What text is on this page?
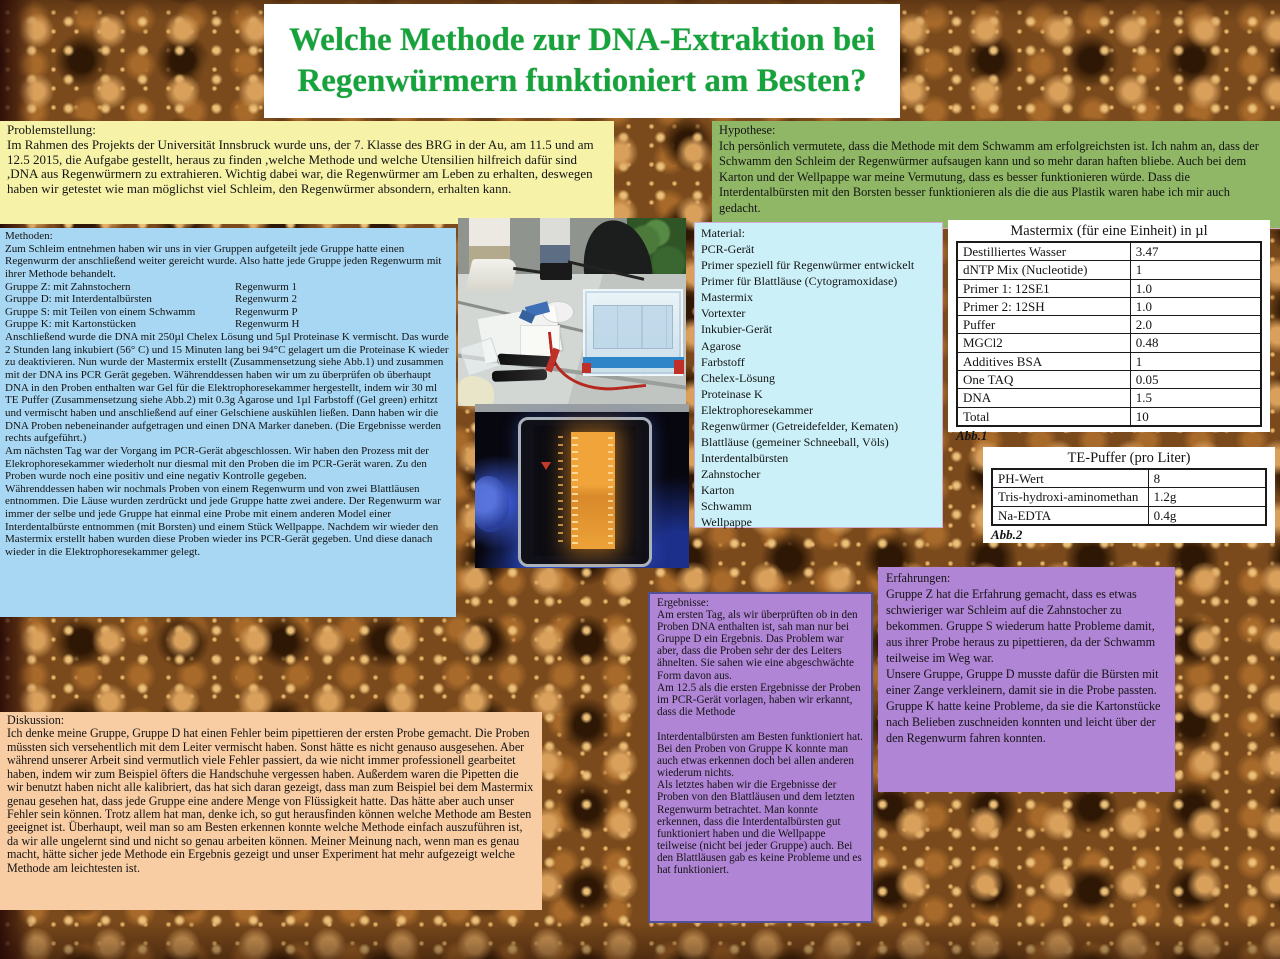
Welche Methode zur DNA-Extraktion bei
Regenwürmern funktioniert am Besten?
Problemstellung:
Im Rahmen des Projekts der Universität Innsbruck wurde uns, der 7. Klasse des BRG in der Au, am 11.5 und am 12.5 2015, die Aufgabe gestellt, heraus zu finden ,welche Methode und welche Utensilien hilfreich dafür sind ,DNA aus Regenwürmern zu extrahieren. Wichtig dabei war, die Regenwürmer am Leben zu erhalten, deswegen haben wir getestet wie man möglichst viel Schleim, den Regenwürmer absondern, erhalten kann.
Hypothese:
Ich persönlich vermutete, dass die Methode mit dem Schwamm am erfolgreichsten ist. Ich nahm an, dass der Schwamm den Schleim der Regenwürmer aufsaugen kann und so mehr daran haften bliebe. Auch bei dem Karton und der Wellpappe war meine Vermutung, dass es besser funktionieren würde. Dass die Interdentalbürsten mit den Borsten besser funktionieren als die die aus Plastik waren habe ich mir auch gedacht.
Methoden:
Zum Schleim entnehmen haben wir uns in vier Gruppen aufgeteilt jede Gruppe hatte einen Regenwurm der anschließend weiter gereicht wurde. Also hatte jede Gruppe jeden Regenwurm mit ihrer Methode behandelt.
Gruppe Z: mit Zahnstochern	Regenwurm 1
Gruppe D: mit Interdentalbürsten	Regenwurm 2
Gruppe S: mit Teilen von einem Schwamm	Regenwurm P
Gruppe K: mit Kartonstücken	Regenwurm H
Anschließend wurde die DNA mit 250µl Chelex Lösung und 5µl Proteinase K vermischt. Das wurde 2 Stunden lang inkubiert (56° C) und 15 Minuten lang bei 94°C gelagert um die Proteinase K wieder zu deaktivieren. Nun wurde der Mastermix erstellt (Zusammensetzung siehe Abb.1) und zusammen mit der DNA ins PCR Gerät gegeben. Währenddessen haben wir um zu überprüfen ob überhaupt DNA in den Proben enthalten war Gel für die Elektrophoresekammer hergestellt, indem wir 30 ml TE Puffer (Zusammensetzung siehe Abb.2) mit 0.3g Agarose und 1µl Farbstoff (Gel green) erhitzt und vermischt haben und anschließend auf einer Gelschiene auskühlen ließen. Dann haben wir die DNA Proben nebeneinander aufgetragen und einen DNA Marker daneben. (Die Ergebnisse werden rechts aufgeführt.)
Am nächsten Tag war der Vorgang im PCR-Gerät abgeschlossen. Wir haben den Prozess mit der Elekrophoresekammer wiederholt nur diesmal mit den Proben die im PCR-Gerät waren. Zu den Proben wurde noch eine positiv und eine negativ Kontrolle gegeben.
Währenddessen haben wir nochmals Proben von einem Regenwurm und von zwei Blattläusen entnommen. Die Läuse wurden zerdrückt und jede Gruppe hatte zwei andere. Der Regenwurm war immer der selbe und jede Gruppe hat einmal eine Probe mit einem anderen Model einer Interdentalbürste entnommen (mit Borsten) und einem Stück Wellpappe. Nachdem wir wieder den Mastermix erstellt haben wurden diese Proben wieder ins PCR-Gerät gegeben. Und diese danach wieder in die Elektrophoresekammer gelegt.
Material:
PCR-Gerät
Primer speziell für Regenwürmer entwickelt
Primer für Blattläuse (Cytogramoxidase)
Mastermix
Vortexter
Inkubier-Gerät
Agarose
Farbstoff
Chelex-Lösung
Proteinase K
Elektrophoresekammer
Regenwürmer (Getreidefelder, Kematen)
Blattläuse (gemeiner Schneeball, Völs)
Interdentalbürsten
Zahnstocher
Karton
Schwamm
Wellpappe
Mastermix (für eine Einheit) in µl
Destilliertes Wasser	3.47
dNTP Mix (Nucleotide)	1
Primer 1: 12SE1	1.0
Primer 2: 12SH	1.0
Puffer	2.0
MGCl2	0.48
Additives BSA	1
One TAQ	0.05
DNA	1.5
Total	10
Abb.1
TE-Puffer (pro Liter)
PH-Wert	8
Tris-hydroxi-aminomethan	1.2g
Na-EDTA	0.4g
Abb.2
Ergebnisse:
Am ersten Tag, als wir überprüften ob in den Proben DNA enthalten ist, sah man nur bei Gruppe D ein Ergebnis. Das Problem war aber, dass die Proben sehr der des Leiters ähnelten. Sie sahen wie eine abgeschwächte Form davon aus.
Am 12.5 als die ersten Ergebnisse der Proben im PCR-Gerät vorlagen, haben wir erkannt, dass die Methode
Interdentalbürsten am Besten funktioniert hat. Bei den Proben von Gruppe K konnte man auch etwas erkennen doch bei allen anderen wiederum nichts.
Als letztes haben wir die Ergebnisse der Proben von den Blattläusen und dem letzten Regenwurm betrachtet. Man konnte erkennen, dass die Interdentalbürsten gut funktioniert haben und die Wellpappe teilweise (nicht bei jeder Gruppe) auch. Bei den Blattläusen gab es keine Probleme und es hat funktioniert.
Erfahrungen:
Gruppe Z hat die Erfahrung gemacht, dass es etwas schwieriger war Schleim auf die Zahnstocher zu bekommen. Gruppe S wiederum hatte Probleme damit, aus ihrer Probe heraus zu pipettieren, da der Schwamm teilweise im Weg war.
Unsere Gruppe, Gruppe D musste dafür die Bürsten mit einer Zange verkleinern, damit sie in die Probe passten.
Gruppe K hatte keine Probleme, da sie die Kartonstücke nach Belieben zuschneiden konnten und leicht über der
den Regenwurm fahren konnten.
Diskussion:
Ich denke meine Gruppe, Gruppe D hat einen Fehler beim pipettieren der ersten Probe gemacht. Die Proben müssten sich versehentlich mit dem Leiter vermischt haben. Sonst hätte es nicht genauso ausgesehen. Aber während unserer Arbeit sind vermutlich viele Fehler passiert, da wie nicht immer professionell gearbeitet haben, indem wir zum Beispiel öfters die Handschuhe vergessen haben. Außerdem waren die Pipetten die wir benutzt haben nicht alle kalibriert, das hat sich daran gezeigt, dass man zum Beispiel bei dem Mastermix genau gesehen hat, dass jede Gruppe eine andere Menge von Flüssigkeit hatte. Das hätte aber auch unser Fehler sein können. Trotz allem hat man, denke ich, so gut herausfinden können welche Methode am Besten geeignet ist. Überhaupt, weil man so am Besten erkennen konnte welche Methode einfach auszuführen ist, da wir alle ungelernt sind und nicht so genau arbeiten können. Meiner Meinung nach, wenn man es genau macht, hätte sicher jede Methode ein Ergebnis gezeigt und unser Experiment hat mehr aufgezeigt welche Methode am leichtesten ist.
